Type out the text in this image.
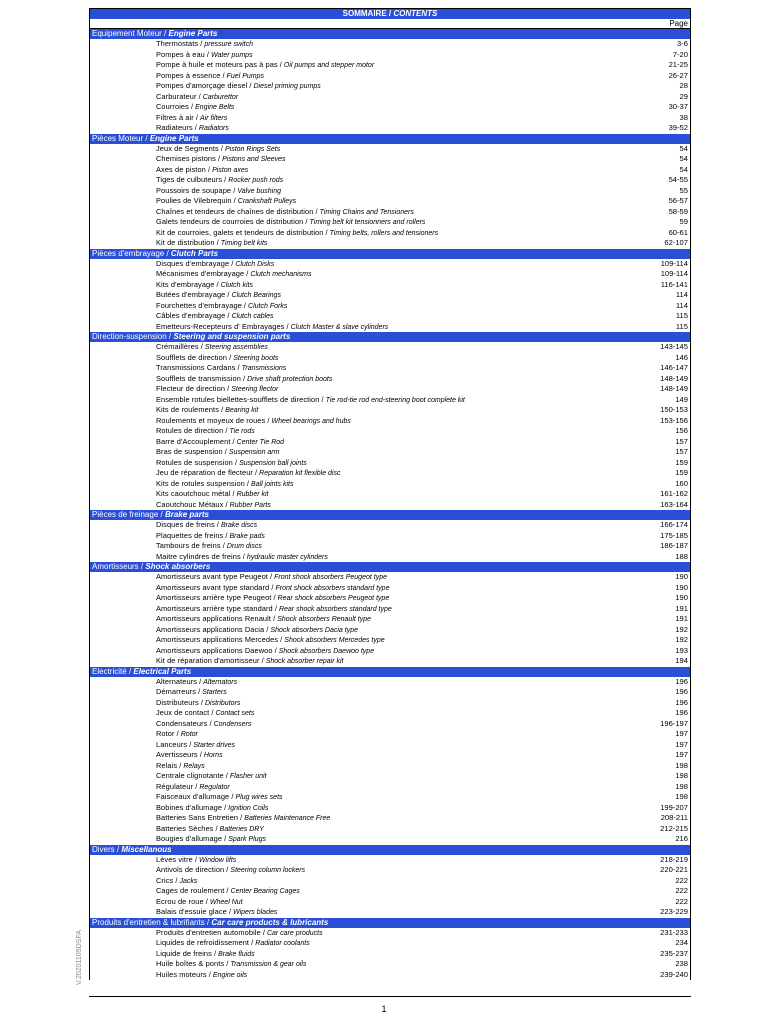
SOMMAIRE / CONTENTS
Page
Equipement Moteur / Engine Parts
Thermostats / pressure switch	3-6
Pompes à eau / Water pumps	7-20
Pompe à huile et moteurs pas à pas / Oil pumps and stepper motor	21-25
Pompes à essence / Fuel Pumps	26-27
Pompes d'amorçage diesel / Diesel priming pumps	28
Carburateur / Carburettor	29
Courroies / Engine Belts	30-37
Filtres à air / Air filters	38
Radiateurs / Radiators	39-52
Pièces Moteur / Engine Parts
Jeux de Segments / Piston Rings Sets	54
Chemises pistons / Pistons and Sleeves	54
Axes de piston / Piston axes	54
Tiges de culbuteurs / Rocker push rods	54-55
Poussoirs de soupape / Valve bushing	55
Poulies de Vilebrequin / Crankshaft Pulleys	56-57
Chaînes et tendeurs de chaînes de distribution / Timing Chains and Tensioners	58-59
Galets tendeurs de courroies de distribution / Timing belt kit tensionners and rollers	59
Kit de courroies, galets et tendeurs de distribution / Timing belts, rollers and tensioners	60-61
Kit de distribution / Timing belt kits	62-107
Pièces d'embrayage / Clutch Parts
Disques d'embrayage / Clutch Disks	109-114
Mécanismes d'embrayage / Clutch mechanisms	109-114
Kits d'embrayage / Clutch kits	116-141
Butées d'embrayage / Clutch Bearings	114
Fourchettes d'embrayage / Clutch Forks	114
Câbles d'embrayage / Clutch cables	115
Emetteurs-Recepteurs d' Embrayages / Clutch Master & slave cylinders	115
Direction-suspension / Steering and suspension parts
Crémaillères / Steering assemblies	143-145
Soufflets de direction / Steering boots	146
Transmissions Cardans / Transmissions	146-147
Soufflets de transmission / Drive shaft protection boots	148-149
Flecteur de direction / Steering flector	148-149
Ensemble rotules biellettes-soufflets de direction / Tie rod-tie rod end-steering boot complete kit	149
Kits de roulements / Bearing kit	150-153
Roulements et moyeux de roues / Wheel bearings and hubs	153-156
Rotules de direction / Tie rods	156
Barre d'Accouplement / Center Tie Rod	157
Bras de suspension / Suspension arm	157
Rotules de suspension / Suspension ball joints	159
Jeu de réparation de flecteur / Reparation kit flexible disc	159
Kits de rotules suspension / Ball joints kits	160
Kits caoutchouc métal / Rubber kit	161-162
Caoutchouc Métaux / Rubber Parts	163-164
Pièces de freinage / Brake parts
Disques de freins / Brake discs	166-174
Plaquettes de freins / Brake pads	175-185
Tambours de freins / Drum discs	186-187
Maitre cylindres de freins / hydraulic master cylinders	188
Amortisseurs / Shock absorbers
Amortisseurs avant type Peugeot / Front shock absorbers Peugeot type	190
Amortisseurs avant type standard / Front shock absorbers standard type	190
Amortisseurs arrière type Peugeot / Rear shock absorbers Peugeot type	190
Amortisseurs arrière type standard / Rear shock absorbers standard type	191
Amortisseurs applications Renault / Shock absorbers Renault type	191
Amortisseurs applications Dacia / Shock absorbers Dacia type	192
Amortisseurs applications Mercedes / Shock absorbers Mercedes type	192
Amortisseurs applications Daewoo / Shock absorbers Daewoo type	193
Kit de réparation d'amortisseur / Shock absorber repair kit	194
Electricité / Electrical Parts
Alternateurs / Alternators	196
Démarreurs / Starters	196
Distributeurs / Distributors	196
Jeux de contact / Contact sets	196
Condensateurs / Condensers	196-197
Rotor / Rotor	197
Lanceurs / Starter drives	197
Avertisseurs / Horns	197
Relais / Relays	198
Centrale clignotante / Flasher unit	198
Régulateur / Regulator	198
Faisceaux d'allumage / Plug wires sets	198
Bobines d'allumage / Ignition Coils	199-207
Batteries Sans Entretien / Batteries Maintenance Free	208-211
Batteries Sèches / Batteries DRY	212-215
Bougies d'allumage / Spark Plugs	216
Divers / Miscellanous
Lèves vitre / Window lifts	218-219
Antivols de direction / Steering column lockers	220-221
Crics / Jacks	222
Cages de roulement / Center Bearing Cages	222
Ecrou de roue / Wheel Nut	222
Balais d'essuie glace / Wipers blades	223-229
Produits d'entretien & lubrifiants / Car care products & lubricants
Produits d'entretien automobile / Car care products	231-233
Liquides de refroidissement / Radiator coolants	234
Liquide de freins / Brake fluids	235-237
Huile boîtes & ponts / Transmission & gear oils	238
Huiles moteurs / Engine oils	239-240
V.20201109DSFA
1
